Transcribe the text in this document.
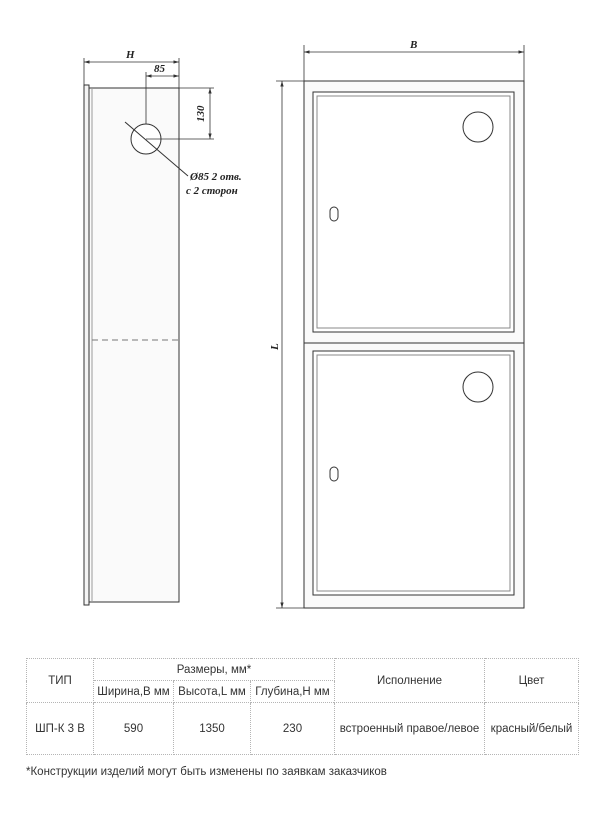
H
85
130
Ø85 2 отв.
с 2 сторон
B
L
ТИП	Размеры, мм*			Исполнение	Цвет
	Ширина,B мм	Высота,L мм	Глубина,H мм		
ШП-К 3 В	590	1350	230	встроенный правое/левое	красный/белый
*Конструкции изделий могут быть изменены по заявкам заказчиков
